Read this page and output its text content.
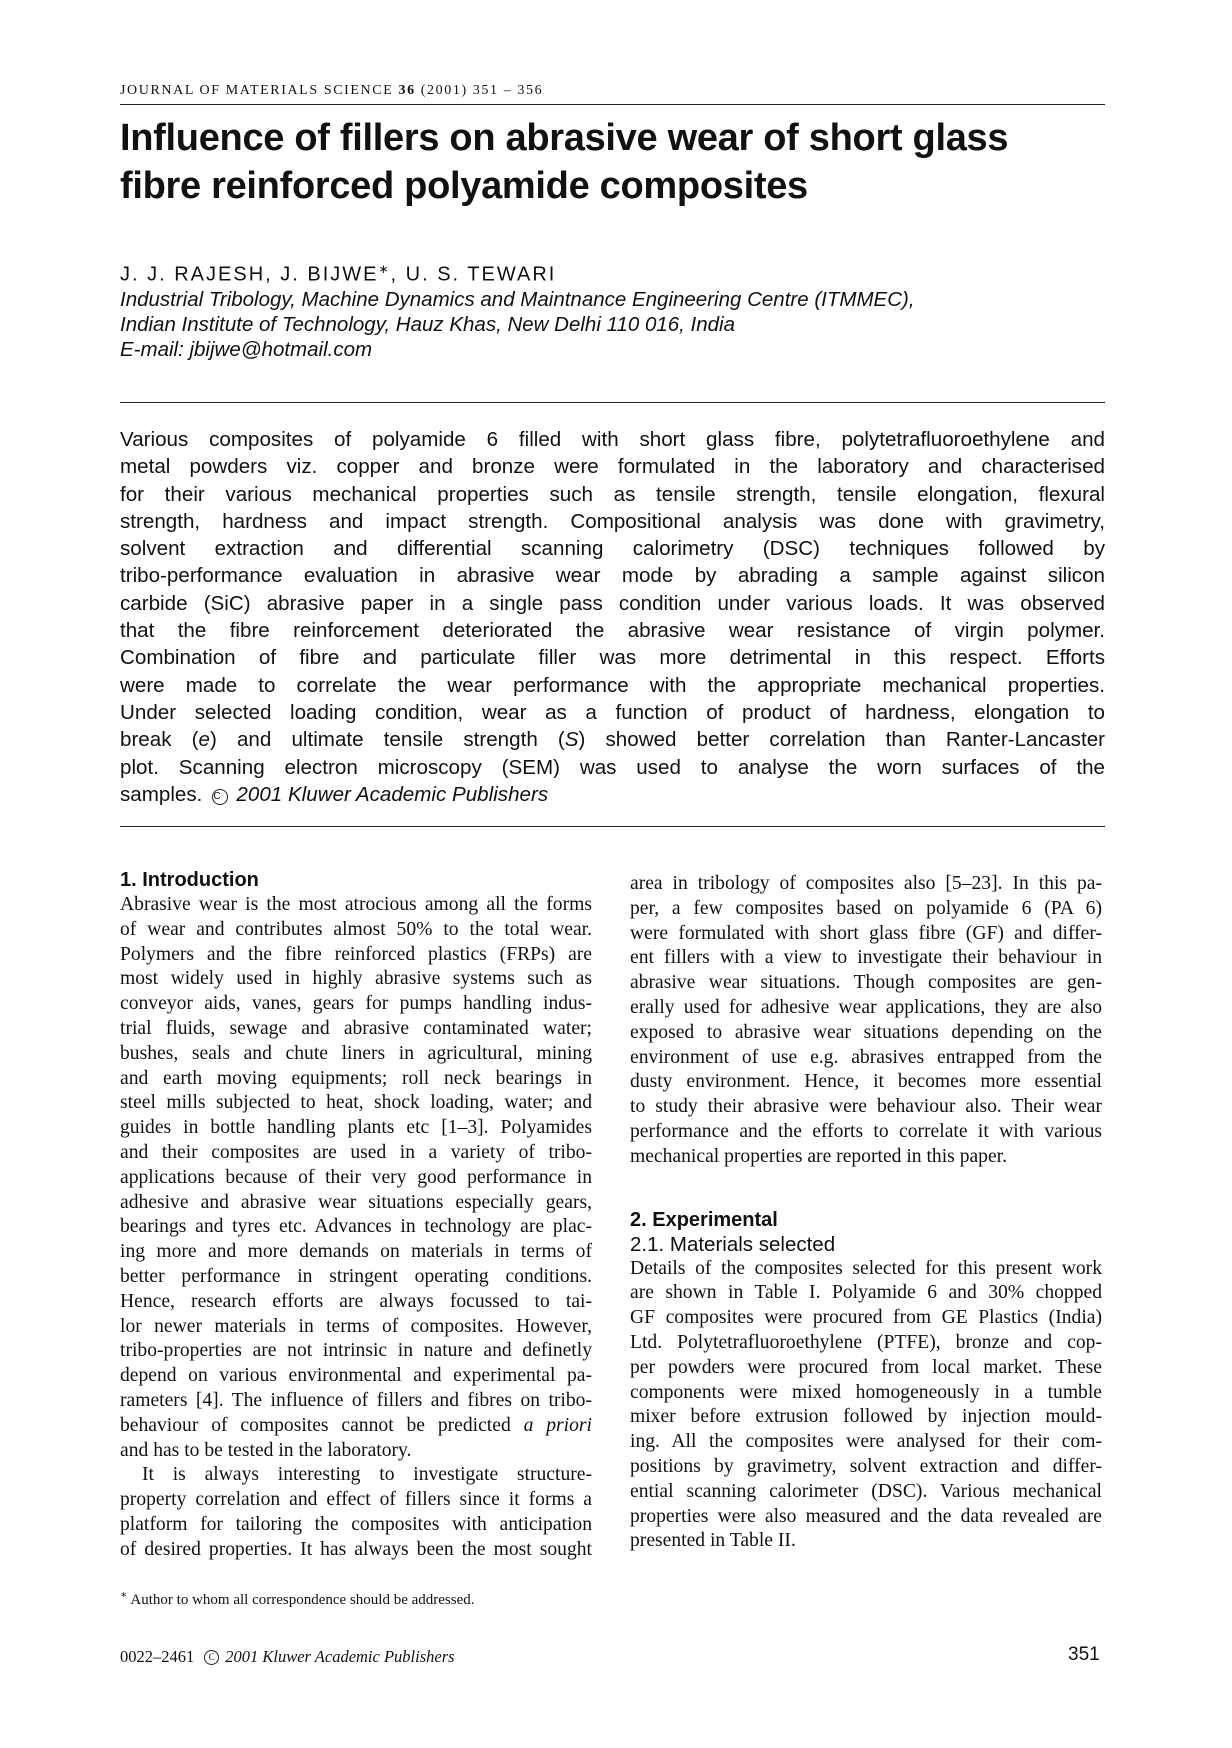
JOURNAL OF MATERIALS SCIENCE 36 (2001) 351 – 356
Influence of fillers on abrasive wear of short glass
fibre reinforced polyamide composites
J. J. RAJESH, J. BIJWE∗, U. S. TEWARI
Industrial Tribology, Machine Dynamics and Maintnance Engineering Centre (ITMMEC),
Indian Institute of Technology, Hauz Khas, New Delhi 110 016, India
E-mail: jbijwe@hotmail.com
Various composites of polyamide 6 filled with short glass fibre, polytetrafluoroethylene and
metal powders viz. copper and bronze were formulated in the laboratory and characterised
for their various mechanical properties such as tensile strength, tensile elongation, flexural
strength, hardness and impact strength. Compositional analysis was done with gravimetry,
solvent extraction and differential scanning calorimetry (DSC) techniques followed by
tribo-performance evaluation in abrasive wear mode by abrading a sample against silicon
carbide (SiC) abrasive paper in a single pass condition under various loads. It was observed
that the fibre reinforcement deteriorated the abrasive wear resistance of virgin polymer.
Combination of fibre and particulate filler was more detrimental in this respect. Efforts
were made to correlate the wear performance with the appropriate mechanical properties.
Under selected loading condition, wear as a function of product of hardness, elongation to
break (e) and ultimate tensile strength (S) showed better correlation than Ranter-Lancaster
plot. Scanning electron microscopy (SEM) was used to analyse the worn surfaces of the
samples. C 2001 Kluwer Academic Publishers
1. Introduction
Abrasive wear is the most atrocious among all the forms
of wear and contributes almost 50% to the total wear.
Polymers and the fibre reinforced plastics (FRPs) are
most widely used in highly abrasive systems such as
conveyor aids, vanes, gears for pumps handling indus-
trial fluids, sewage and abrasive contaminated water;
bushes, seals and chute liners in agricultural, mining
and earth moving equipments; roll neck bearings in
steel mills subjected to heat, shock loading, water; and
guides in bottle handling plants etc [1–3]. Polyamides
and their composites are used in a variety of tribo-
applications because of their very good performance in
adhesive and abrasive wear situations especially gears,
bearings and tyres etc. Advances in technology are plac-
ing more and more demands on materials in terms of
better performance in stringent operating conditions.
Hence, research efforts are always focussed to tai-
lor newer materials in terms of composites. However,
tribo-properties are not intrinsic in nature and definetly
depend on various environmental and experimental pa-
rameters [4]. The influence of fillers and fibres on tribo-
behaviour of composites cannot be predicted a priori
and has to be tested in the laboratory.
It is always interesting to investigate structure-
property correlation and effect of fillers since it forms a
platform for tailoring the composites with anticipation
of desired properties. It has always been the most sought
area in tribology of composites also [5–23]. In this pa-
per, a few composites based on polyamide 6 (PA 6)
were formulated with short glass fibre (GF) and differ-
ent fillers with a view to investigate their behaviour in
abrasive wear situations. Though composites are gen-
erally used for adhesive wear applications, they are also
exposed to abrasive wear situations depending on the
environment of use e.g. abrasives entrapped from the
dusty environment. Hence, it becomes more essential
to study their abrasive were behaviour also. Their wear
performance and the efforts to correlate it with various
mechanical properties are reported in this paper.
2. Experimental
2.1. Materials selected
Details of the composites selected for this present work
are shown in Table I. Polyamide 6 and 30% chopped
GF composites were procured from GE Plastics (India)
Ltd. Polytetrafluoroethylene (PTFE), bronze and cop-
per powders were procured from local market. These
components were mixed homogeneously in a tumble
mixer before extrusion followed by injection mould-
ing. All the composites were analysed for their com-
positions by gravimetry, solvent extraction and differ-
ential scanning calorimeter (DSC). Various mechanical
properties were also measured and the data revealed are
presented in Table II.
∗ Author to whom all correspondence should be addressed.
0022–2461 C 2001 Kluwer Academic Publishers	351
